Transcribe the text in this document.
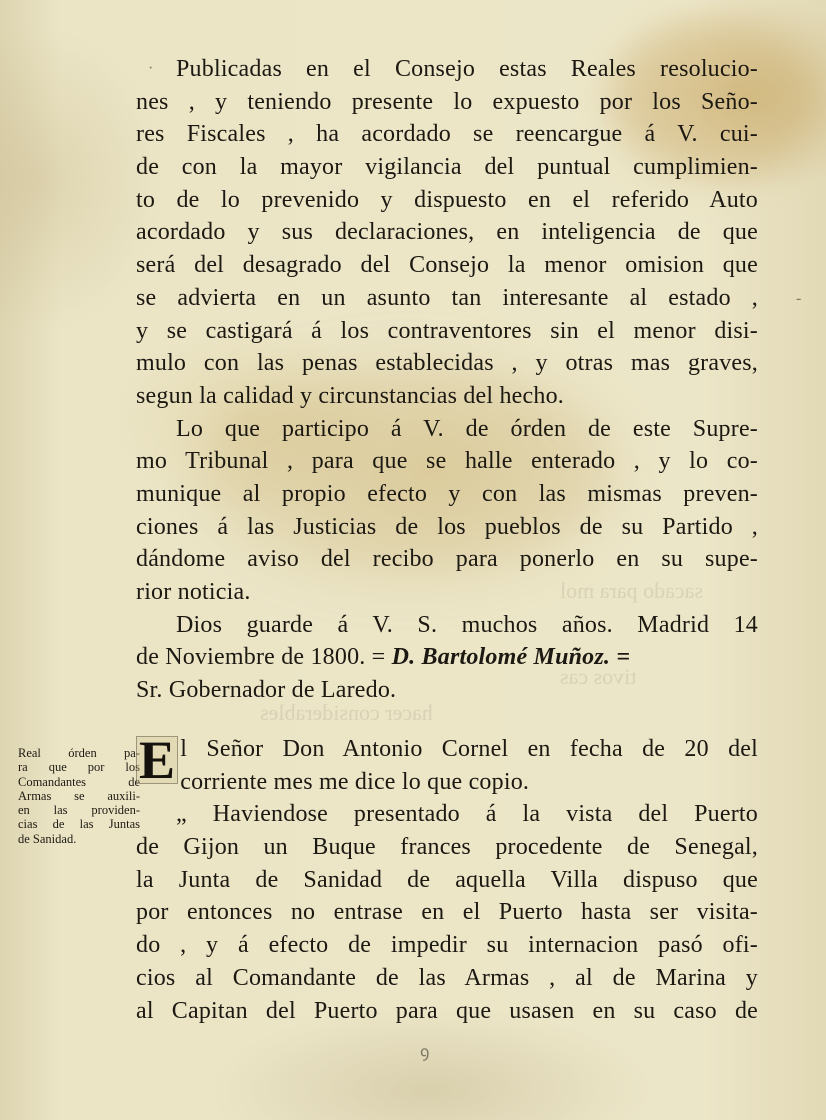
sacado para mol
tivos cas
hacer considerables
·
-
Publicadas en el Consejo estas Reales resolucio-
nes , y teniendo presente lo expuesto por los Seño-
res Fiscales , ha acordado se reencargue á V. cui-
de con la mayor vigilancia del puntual cumplimien-
to de lo prevenido y dispuesto en el referido Auto
acordado y sus declaraciones, en inteligencia de que
será del desagrado del Consejo la menor omision que
se advierta en un asunto tan interesante al estado ,
y se castigará á los contraventores sin el menor disi-
mulo con las penas establecidas , y otras mas graves,
segun la calidad y circunstancias del hecho.
Lo que participo á V. de órden de este Supre-
mo Tribunal , para que se halle enterado , y lo co-
munique al propio efecto y con las mismas preven-
ciones á las Justicias de los pueblos de su Partido ,
dándome aviso del recibo para ponerlo en su supe-
rior noticia.
Dios guarde á V. S. muchos años. Madrid 14
de Noviembre de 1800. = D. Bartolomé Muñoz. =
Sr. Gobernador de Laredo.
Real órden pa-
ra que por los
Comandantes de
Armas se auxili-
en las providen-
cias de las Juntas
de Sanidad.
E l Señor Don Antonio Cornel en fecha de 20 del
corriente mes me dice lo que copio.
„ Haviendose presentado á la vista del Puerto
de Gijon un Buque frances procedente de Senegal,
la Junta de Sanidad de aquella Villa dispuso que
por entonces no entrase en el Puerto hasta ser visita-
do , y á efecto de impedir su internacion pasó ofi-
cios al Comandante de las Armas , al de Marina y
al Capitan del Puerto para que usasen en su caso de
ꝯ
